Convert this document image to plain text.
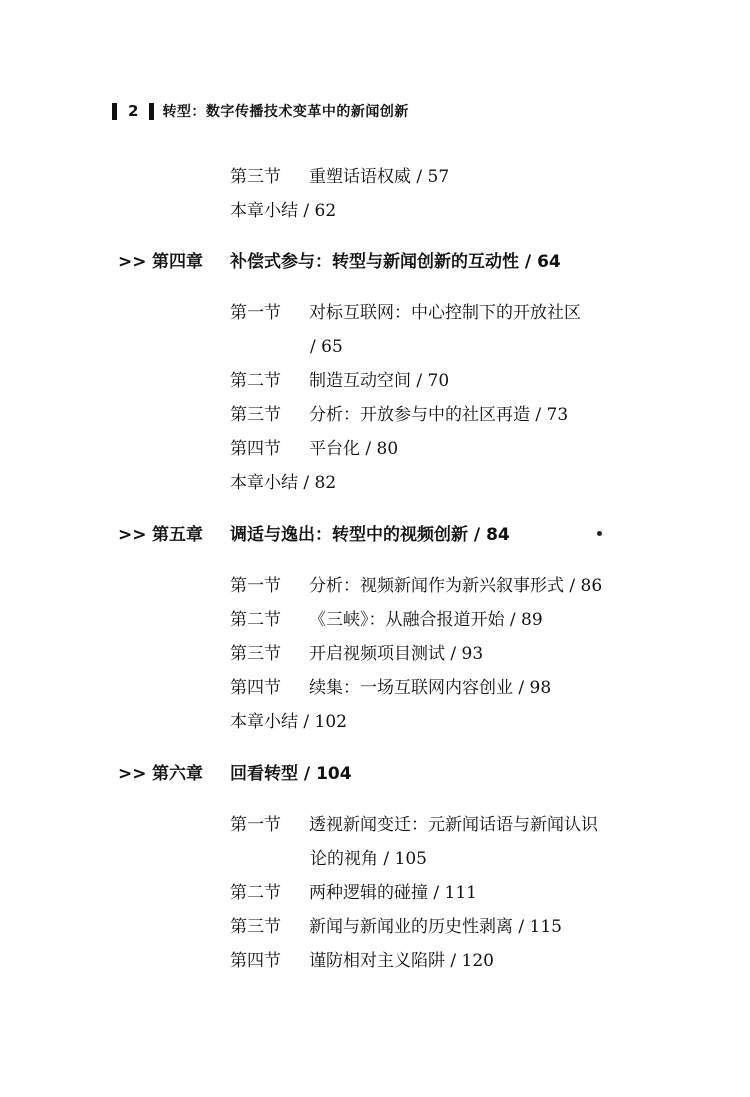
2 转型：数字传播技术变革中的新闻创新
第三节 重塑话语权威 / 57
本章小结 / 62
>> 第四章 补偿式参与：转型与新闻创新的互动性 / 64
第一节 对标互联网：中心控制下的开放社区
/ 65
第二节 制造互动空间 / 70
第三节 分析：开放参与中的社区再造 / 73
第四节 平台化 / 80
本章小结 / 82
>> 第五章 调适与逸出：转型中的视频创新 / 84
第一节 分析：视频新闻作为新兴叙事形式 / 86
第二节 《三峡》：从融合报道开始 / 89
第三节 开启视频项目测试 / 93
第四节 续集：一场互联网内容创业 / 98
本章小结 / 102
>> 第六章 回看转型 / 104
第一节 透视新闻变迁：元新闻话语与新闻认识
论的视角 / 105
第二节 两种逻辑的碰撞 / 111
第三节 新闻与新闻业的历史性剥离 / 115
第四节 谨防相对主义陷阱 / 120
